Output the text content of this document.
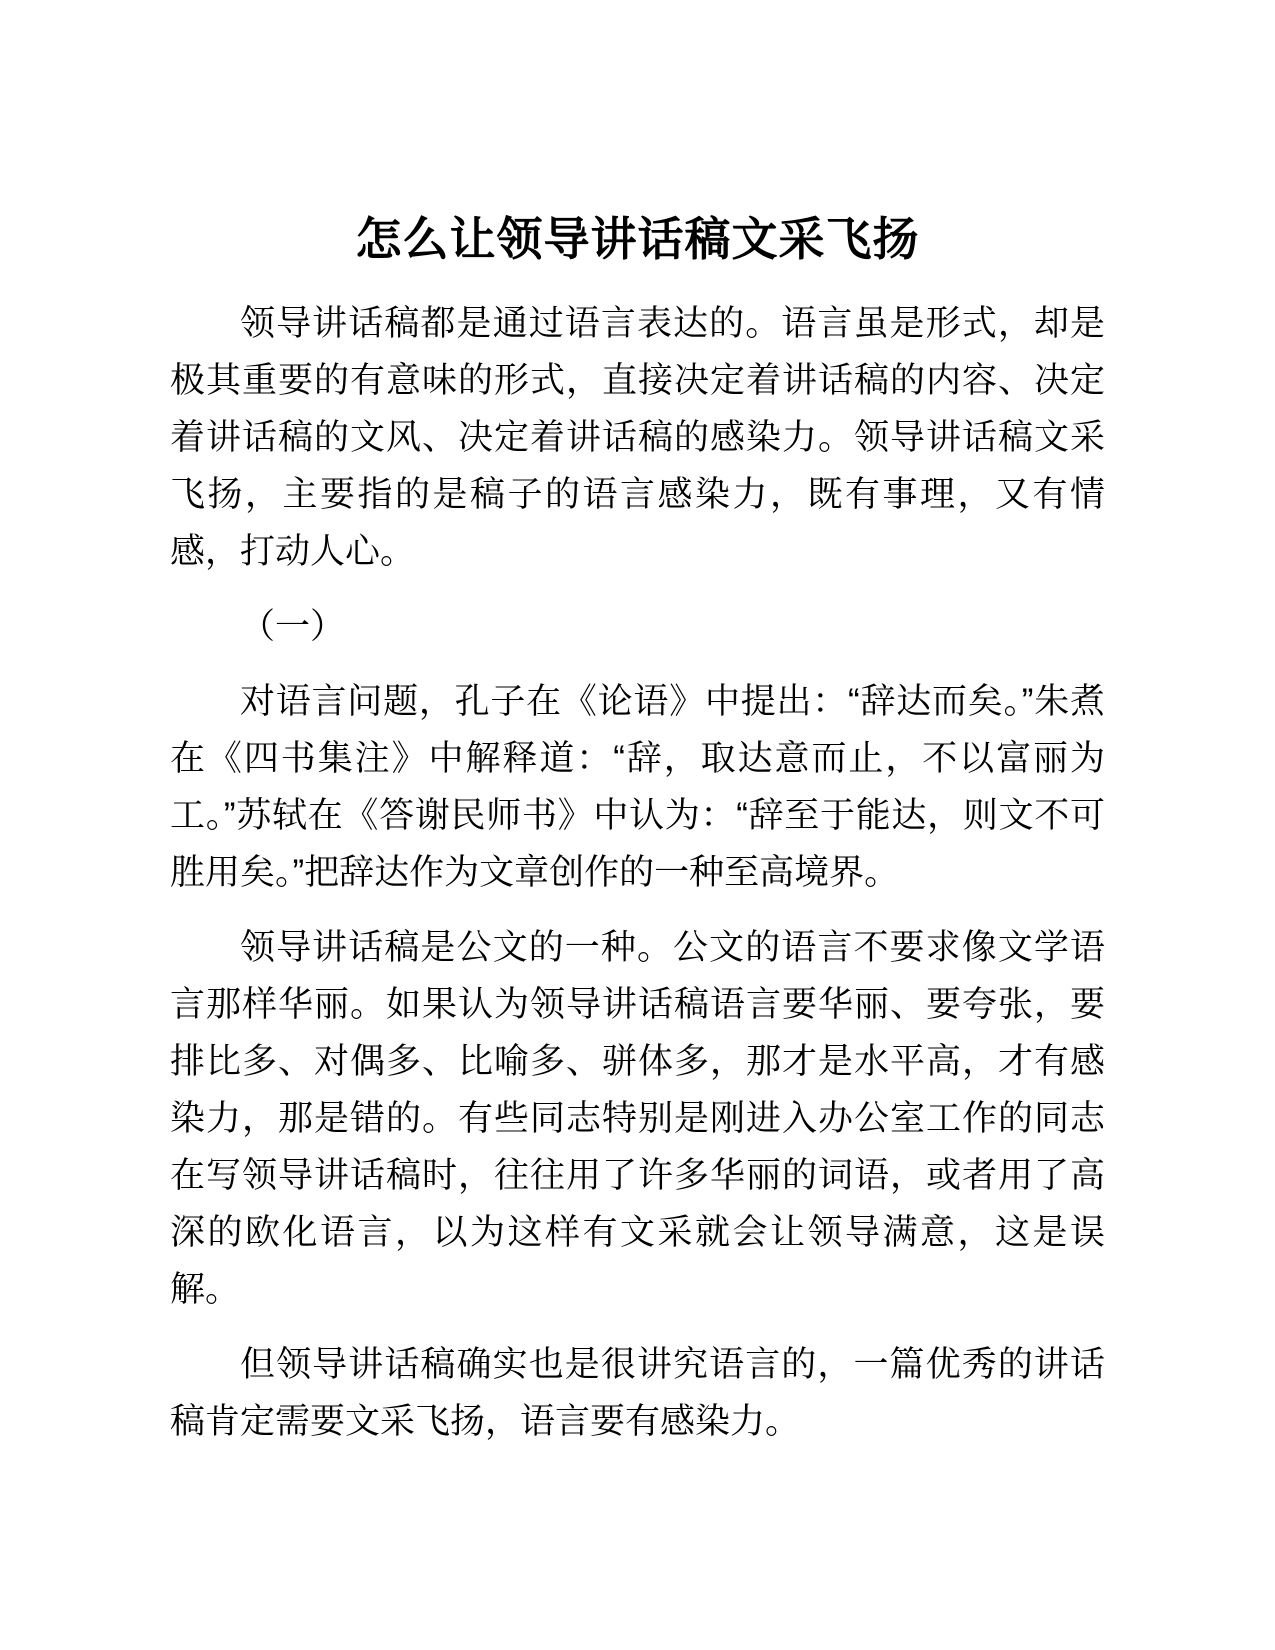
怎么让领导讲话稿文采飞扬

领导讲话稿都是通过语言表达的。语言虽是形式，却是极其重要的有意味的形式，直接决定着讲话稿的内容、决定着讲话稿的文风、决定着讲话稿的感染力。领导讲话稿文采飞扬，主要指的是稿子的语言感染力，既有事理，又有情感，打动人心。

（一）

对语言问题，孔子在《论语》中提出：“辞达而矣。”朱煮在《四书集注》中解释道：“辞，取达意而止，不以富丽为工。”苏轼在《答谢民师书》中认为：“辞至于能达，则文不可胜用矣。”把辞达作为文章创作的一种至高境界。

领导讲话稿是公文的一种。公文的语言不要求像文学语言那样华丽。如果认为领导讲话稿语言要华丽、要夸张，要排比多、对偶多、比喻多、骈体多，那才是水平高，才有感染力，那是错的。有些同志特别是刚进入办公室工作的同志在写领导讲话稿时，往往用了许多华丽的词语，或者用了高深的欧化语言，以为这样有文采就会让领导满意，这是误解。

但领导讲话稿确实也是很讲究语言的，一篇优秀的讲话稿肯定需要文采飞扬，语言要有感染力。
